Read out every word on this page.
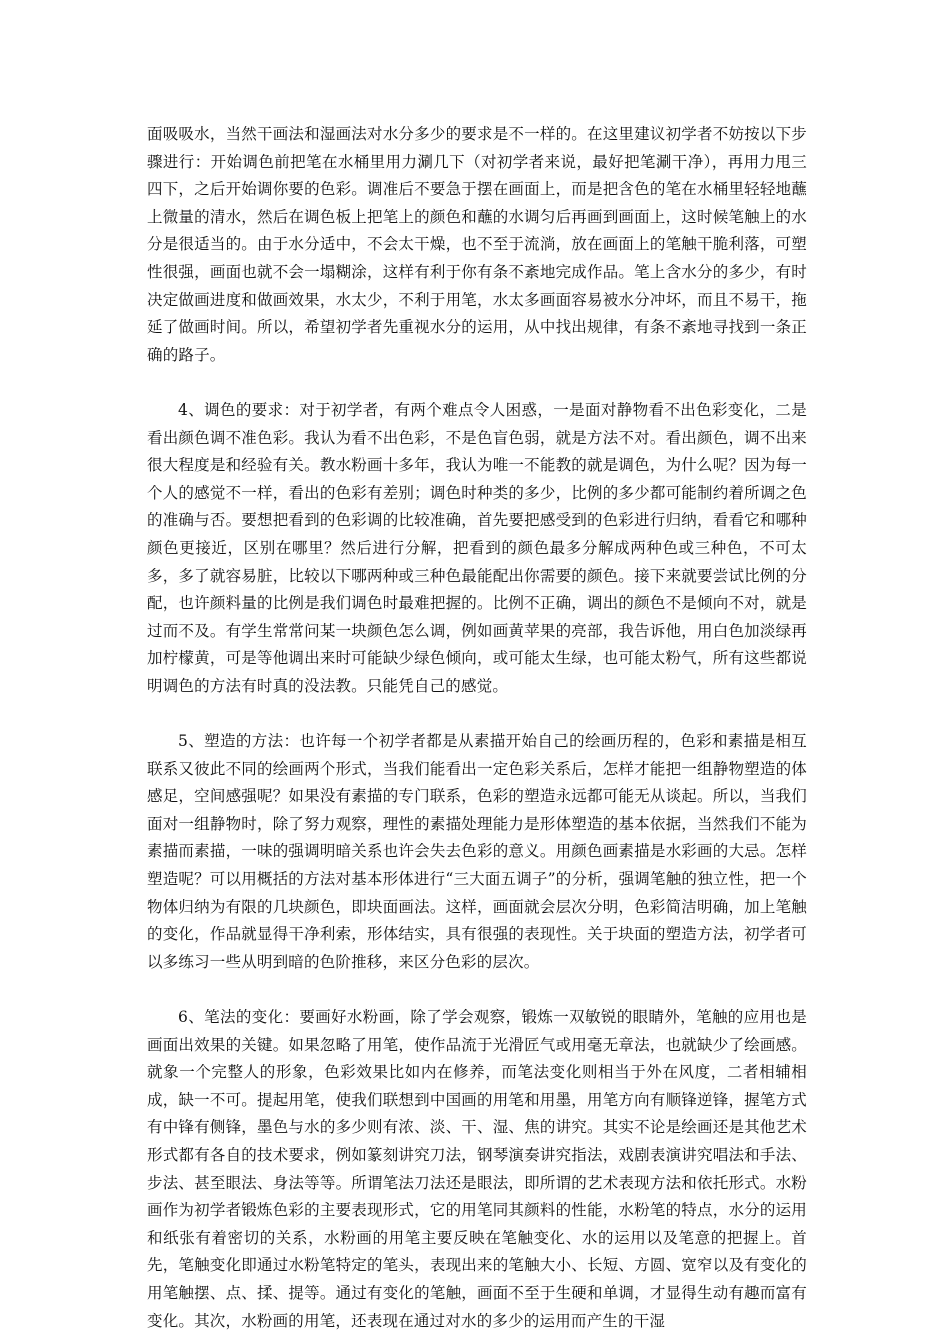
面吸吸水，当然干画法和湿画法对水分多少的要求是不一样的。在这里建议初学者不妨按以下步骤进行：开始调色前把笔在水桶里用力涮几下（对初学者来说，最好把笔涮干净），再用力甩三四下，之后开始调你要的色彩。调准后不要急于摆在画面上，而是把含色的笔在水桶里轻轻地蘸上微量的清水，然后在调色板上把笔上的颜色和蘸的水调匀后再画到画面上，这时候笔触上的水分是很适当的。由于水分适中，不会太干燥，也不至于流淌，放在画面上的笔触干脆利落，可塑性很强，画面也就不会一塌糊涂，这样有利于你有条不紊地完成作品。笔上含水分的多少，有时决定做画进度和做画效果，水太少，不利于用笔，水太多画面容易被水分冲坏，而且不易干，拖延了做画时间。所以，希望初学者先重视水分的运用，从中找出规律，有条不紊地寻找到一条正确的路子。

4、调色的要求：对于初学者，有两个难点令人困惑，一是面对静物看不出色彩变化，二是看出颜色调不准色彩。我认为看不出色彩，不是色盲色弱，就是方法不对。看出颜色，调不出来很大程度是和经验有关。教水粉画十多年，我认为唯一不能教的就是调色，为什么呢？因为每一个人的感觉不一样，看出的色彩有差别；调色时种类的多少，比例的多少都可能制约着所调之色的准确与否。要想把看到的色彩调的比较准确，首先要把感受到的色彩进行归纳，看看它和哪种颜色更接近，区别在哪里？然后进行分解，把看到的颜色最多分解成两种色或三种色，不可太多，多了就容易脏，比较以下哪两种或三种色最能配出你需要的颜色。接下来就要尝试比例的分配，也许颜料量的比例是我们调色时最难把握的。比例不正确，调出的颜色不是倾向不对，就是过而不及。有学生常常问某一块颜色怎么调，例如画黄苹果的亮部，我告诉他，用白色加淡绿再加柠檬黄，可是等他调出来时可能缺少绿色倾向，或可能太生绿，也可能太粉气，所有这些都说明调色的方法有时真的没法教。只能凭自己的感觉。

5、塑造的方法：也许每一个初学者都是从素描开始自己的绘画历程的，色彩和素描是相互联系又彼此不同的绘画两个形式，当我们能看出一定色彩关系后，怎样才能把一组静物塑造的体感足，空间感强呢？如果没有素描的专门联系，色彩的塑造永远都可能无从谈起。所以，当我们面对一组静物时，除了努力观察，理性的素描处理能力是形体塑造的基本依据，当然我们不能为素描而素描，一味的强调明暗关系也许会失去色彩的意义。用颜色画素描是水彩画的大忌。怎样塑造呢？可以用概括的方法对基本形体进行“三大面五调子”的分析，强调笔触的独立性，把一个物体归纳为有限的几块颜色，即块面画法。这样，画面就会层次分明，色彩简洁明确，加上笔触的变化，作品就显得干净利索，形体结实，具有很强的表现性。关于块面的塑造方法，初学者可以多练习一些从明到暗的色阶推移，来区分色彩的层次。

6、笔法的变化：要画好水粉画，除了学会观察，锻炼一双敏锐的眼睛外，笔触的应用也是画面出效果的关键。如果忽略了用笔，使作品流于光滑匠气或用毫无章法，也就缺少了绘画感。就象一个完整人的形象，色彩效果比如内在修养，而笔法变化则相当于外在风度，二者相辅相成，缺一不可。提起用笔，使我们联想到中国画的用笔和用墨，用笔方向有顺锋逆锋，握笔方式有中锋有侧锋，墨色与水的多少则有浓、淡、干、湿、焦的讲究。其实不论是绘画还是其他艺术形式都有各自的技术要求，例如篆刻讲究刀法，钢琴演奏讲究指法，戏剧表演讲究唱法和手法、步法、甚至眼法、身法等等。所谓笔法刀法还是眼法，即所谓的艺术表现方法和依托形式。水粉画作为初学者锻炼色彩的主要表现形式，它的用笔同其颜料的性能，水粉笔的特点，水分的运用和纸张有着密切的关系，水粉画的用笔主要反映在笔触变化、水的运用以及笔意的把握上。首先，笔触变化即通过水粉笔特定的笔头，表现出来的笔触大小、长短、方圆、宽窄以及有变化的用笔触摆、点、揉、提等。通过有变化的笔触，画面不至于生硬和单调，才显得生动有趣而富有变化。其次，水粉画的用笔，还表现在通过对水的多少的运用而产生的干湿
